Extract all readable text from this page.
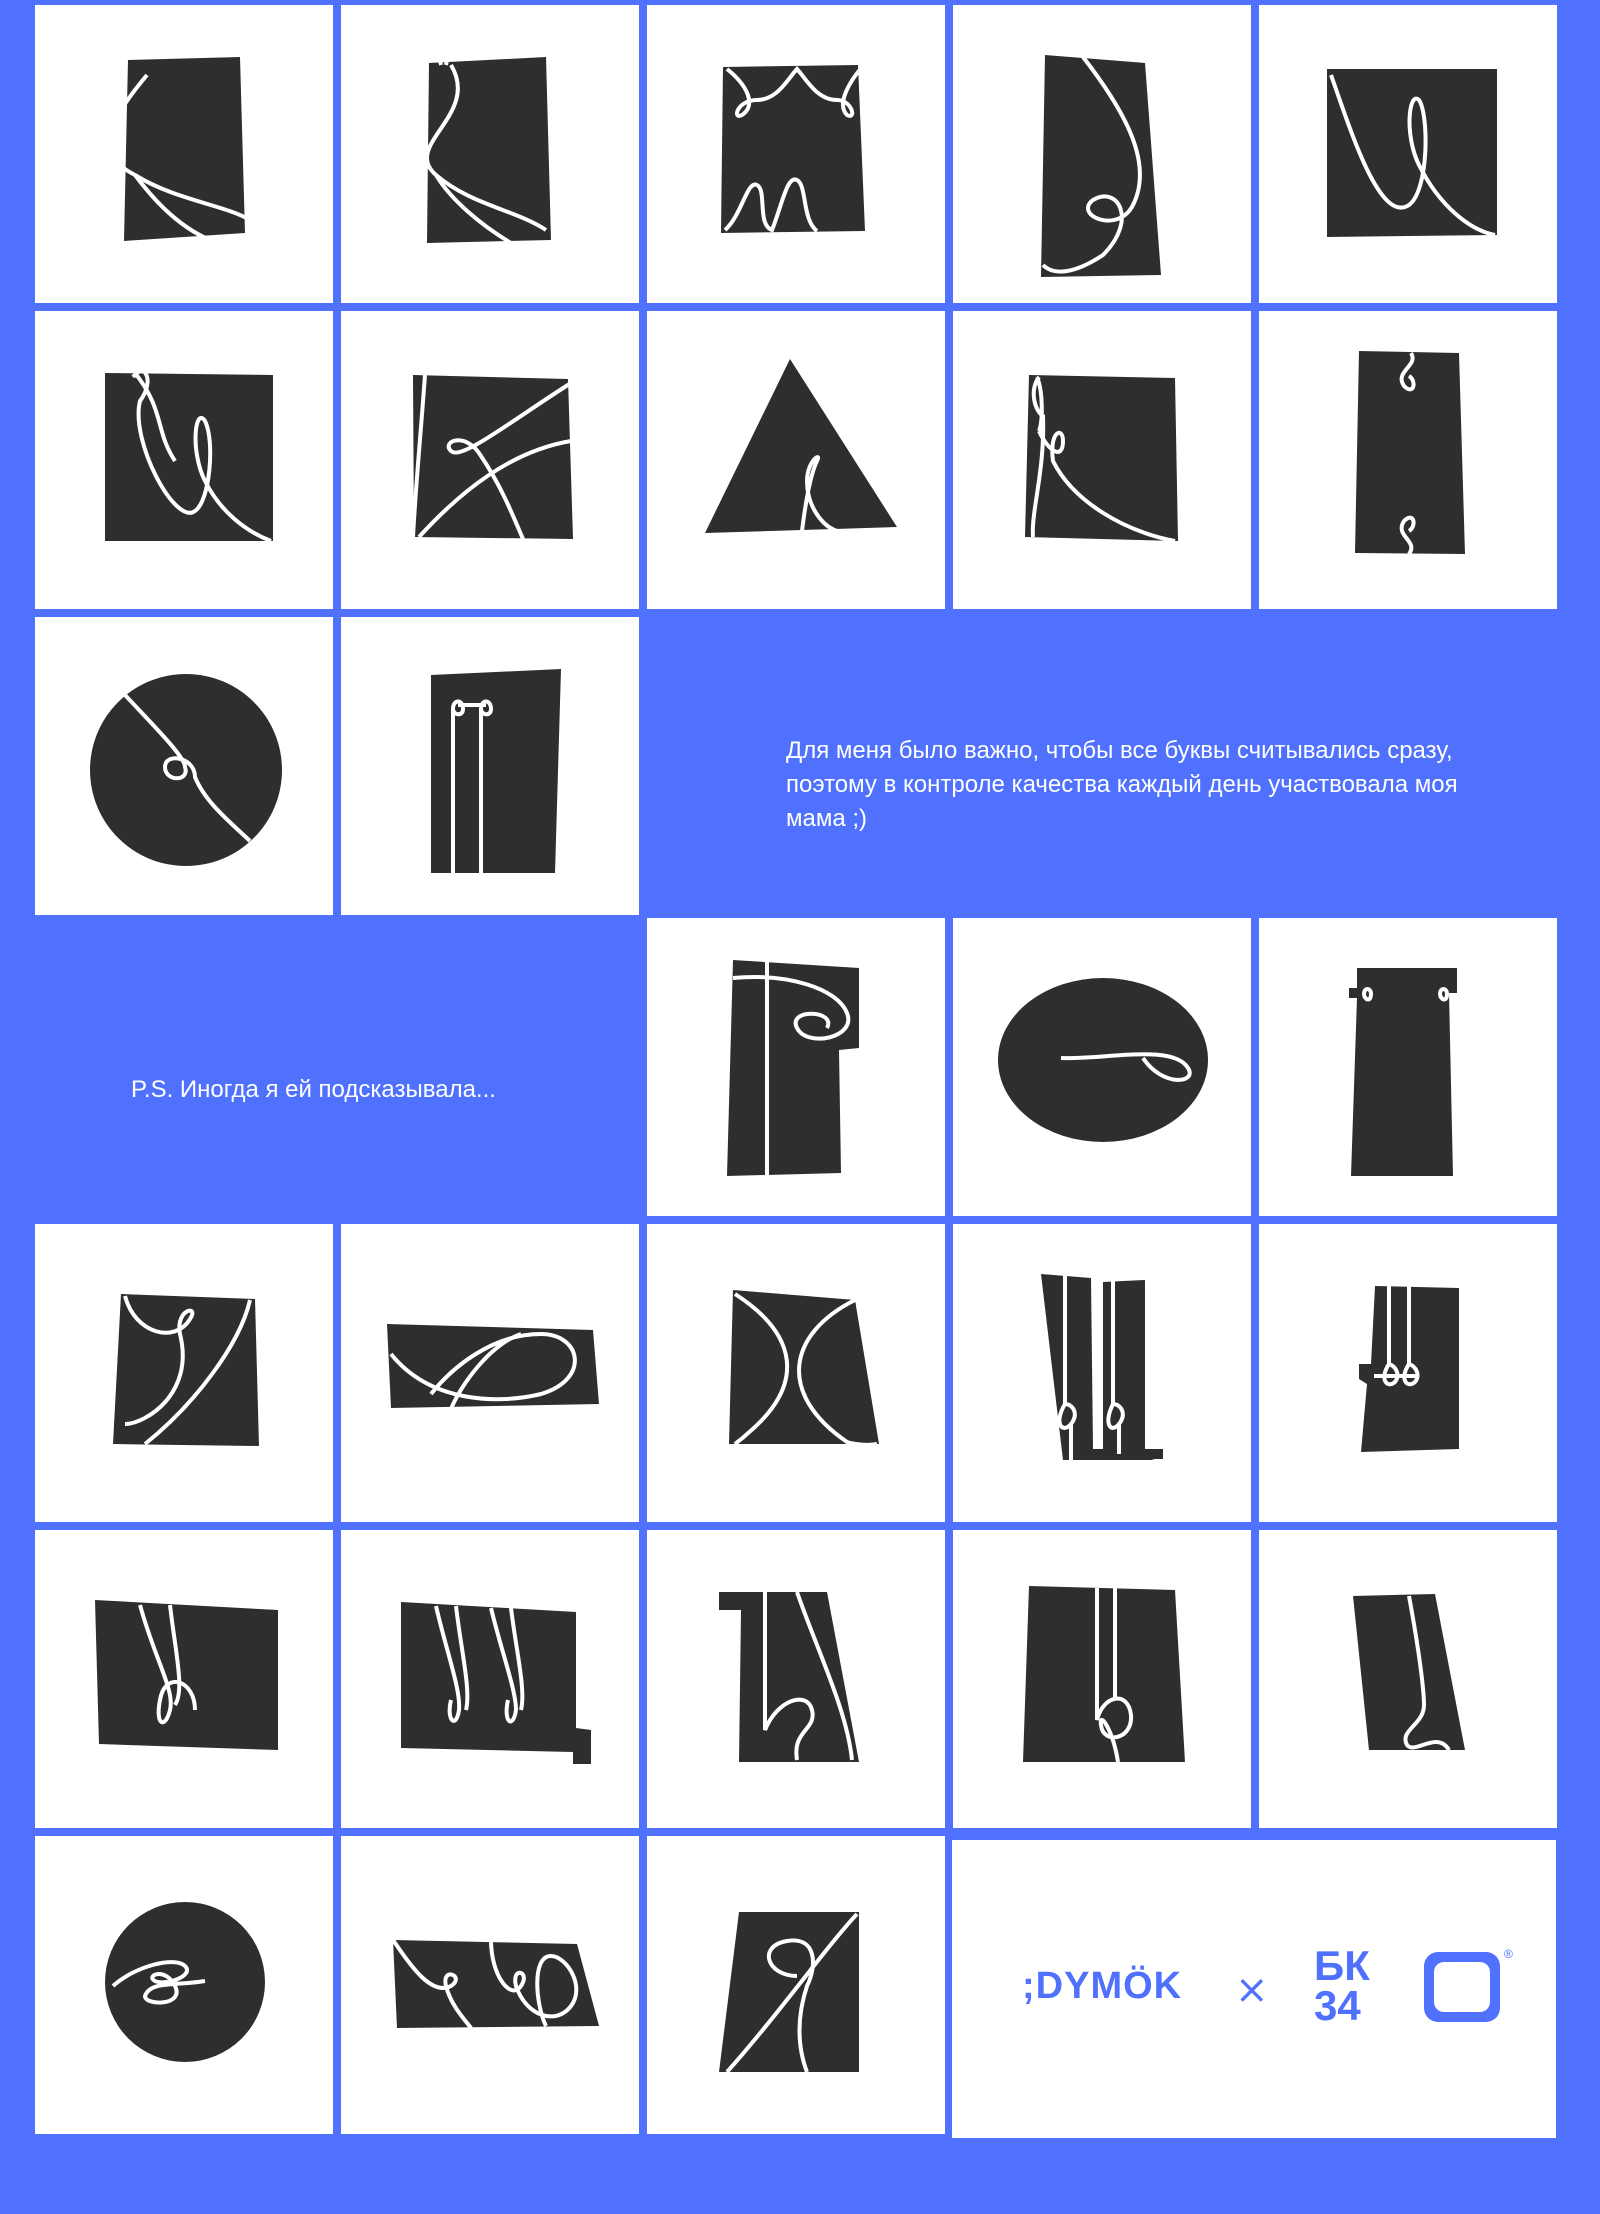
Для меня было важно, чтобы все буквы считывались сразу, поэтому в контроле качества каждый день участвовала моя мама ;)

P.S. Иногда я ей подсказывала...

;DYMÖK ×
БК
34
®
